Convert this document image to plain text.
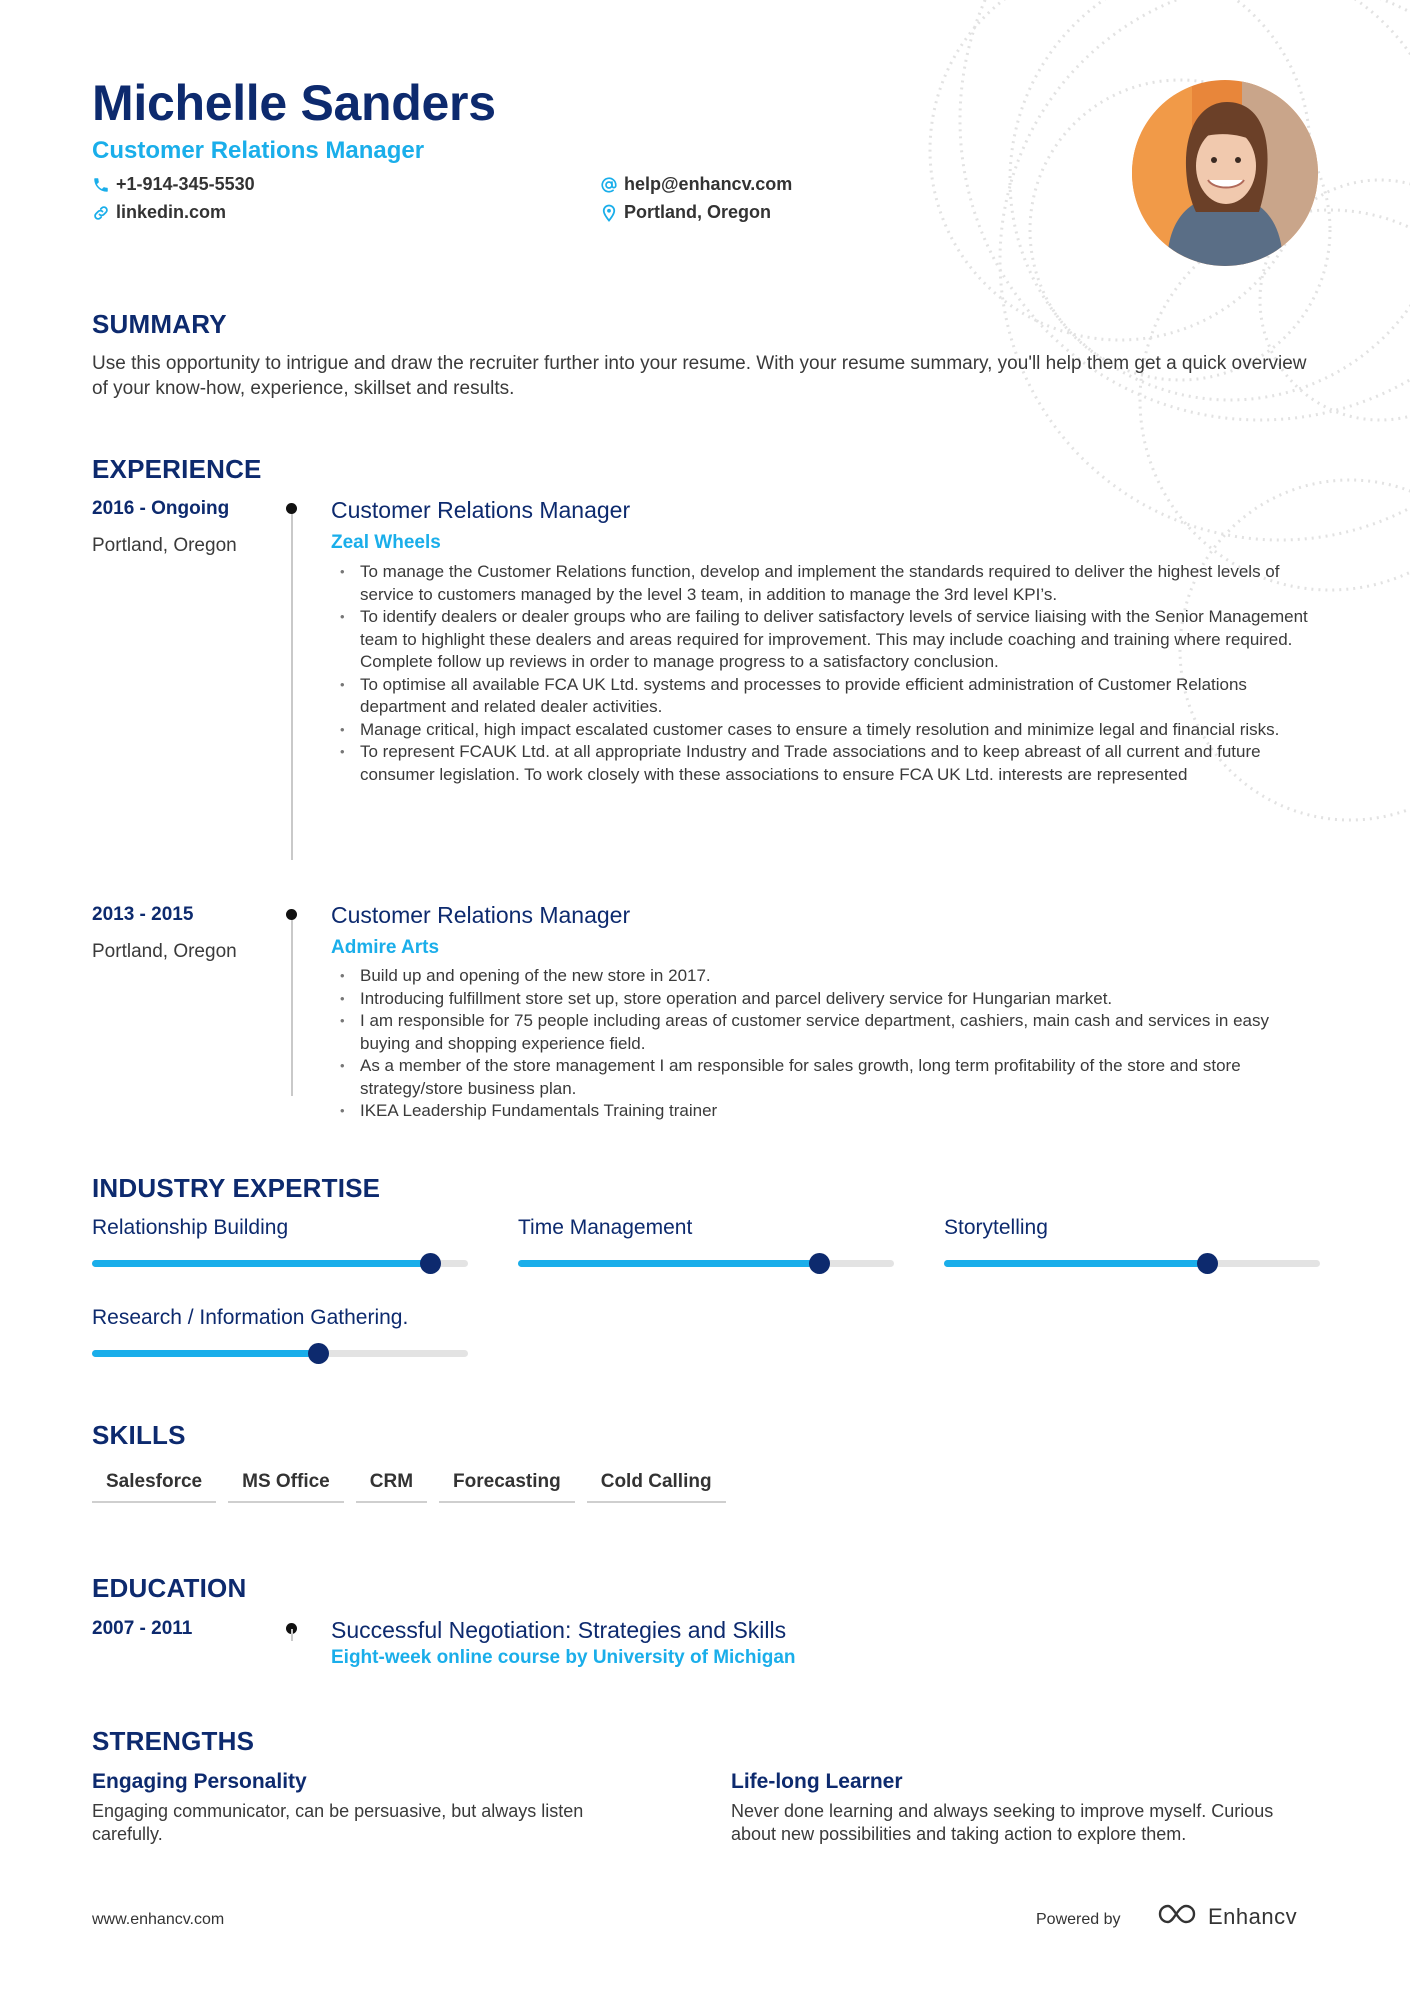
Michelle Sanders
Customer Relations Manager
+1-914-345-5530
linkedin.com
help@enhancv.com
Portland, Oregon
SUMMARY
Use this opportunity to intrigue and draw the recruiter further into your resume. With your resume summary, you'll help them get a quick overview of your know-how, experience, skillset and results.
EXPERIENCE
2016 - Ongoing
Portland, Oregon
Customer Relations Manager
Zeal Wheels
• To manage the Customer Relations function, develop and implement the standards required to deliver the highest levels of service to customers managed by the level 3 team, in addition to manage the 3rd level KPI’s.
• To identify dealers or dealer groups who are failing to deliver satisfactory levels of service liaising with the Senior Management team to highlight these dealers and areas required for improvement. This may include coaching and training where required. Complete follow up reviews in order to manage progress to a satisfactory conclusion.
• To optimise all available FCA UK Ltd. systems and processes to provide efficient administration of Customer Relations department and related dealer activities.
• Manage critical, high impact escalated customer cases to ensure a timely resolution and minimize legal and financial risks.
• To represent FCAUK Ltd. at all appropriate Industry and Trade associations and to keep abreast of all current and future consumer legislation. To work closely with these associations to ensure FCA UK Ltd. interests are represented
2013 - 2015
Portland, Oregon
Customer Relations Manager
Admire Arts
• Build up and opening of the new store in 2017.
• Introducing fulfillment store set up, store operation and parcel delivery service for Hungarian market.
• I am responsible for 75 people including areas of customer service department, cashiers, main cash and services in easy buying and shopping experience field.
• As a member of the store management I am responsible for sales growth, long term profitability of the store and store strategy/store business plan.
• IKEA Leadership Fundamentals Training trainer
INDUSTRY EXPERTISE
Relationship Building	Time Management	Storytelling
Research / Information Gathering.
SKILLS
Salesforce	MS Office	CRM	Forecasting	Cold Calling
EDUCATION
2007 - 2011	Successful Negotiation: Strategies and Skills
Eight-week online course by University of Michigan
STRENGTHS
Engaging Personality
Engaging communicator, can be persuasive, but always listen carefully.
Life-long Learner
Never done learning and always seeking to improve myself. Curious about new possibilities and taking action to explore them.
www.enhancv.com	Powered by	Enhancv
